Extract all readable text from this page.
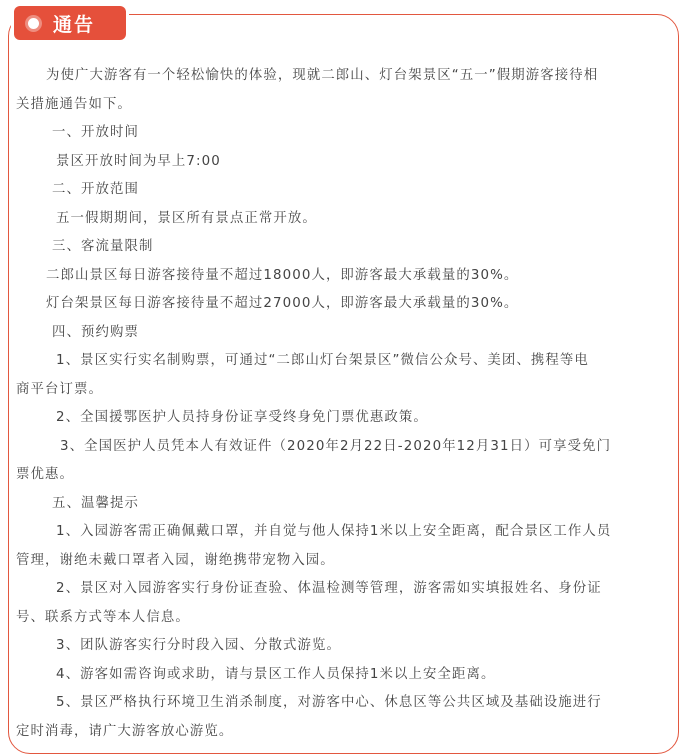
通告

为使广大游客有一个轻松愉快的体验，现就二郎山、灯台架景区“五一”假期游客接待相

关措施通告如下。

一、开放时间

景区开放时间为早上7:00

二、开放范围

五一假期期间，景区所有景点正常开放。

三、客流量限制

二郎山景区每日游客接待量不超过18000人，即游客最大承载量的30%。

灯台架景区每日游客接待量不超过27000人，即游客最大承载量的30%。

四、预约购票

1、景区实行实名制购票，可通过“二郎山灯台架景区”微信公众号、美团、携程等电

商平台订票。

2、全国援鄂医护人员持身份证享受终身免门票优惠政策。

3、全国医护人员凭本人有效证件（2020年2月22日-2020年12月31日）可享受免门

票优惠。

五、温馨提示

1、入园游客需正确佩戴口罩，并自觉与他人保持1米以上安全距离，配合景区工作人员

管理，谢绝未戴口罩者入园，谢绝携带宠物入园。

2、景区对入园游客实行身份证查验、体温检测等管理，游客需如实填报姓名、身份证

号、联系方式等本人信息。

3、团队游客实行分时段入园、分散式游览。

4、游客如需咨询或求助，请与景区工作人员保持1米以上安全距离。

5、景区严格执行环境卫生消杀制度，对游客中心、休息区等公共区域及基础设施进行

定时消毒，请广大游客放心游览。
